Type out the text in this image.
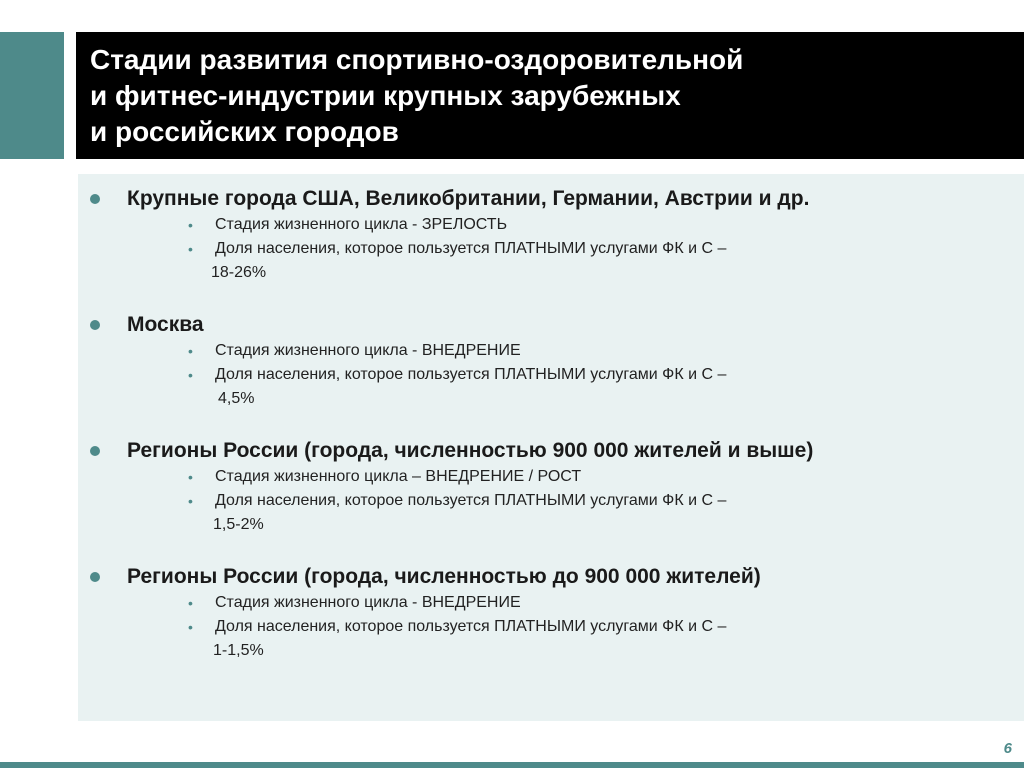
Стадии развития спортивно-оздоровительной
и фитнес-индустрии крупных зарубежных
и российских городов
Крупные города США, Великобритании, Германии, Австрии и др.
• Стадия жизненного цикла - ЗРЕЛОСТЬ
• Доля населения, которое пользуется ПЛАТНЫМИ услугами ФК и С –
18-26%
Москва
• Стадия жизненного цикла - ВНЕДРЕНИЕ
• Доля населения, которое пользуется ПЛАТНЫМИ услугами ФК и С –
4,5%
Регионы России (города, численностью 900 000 жителей и выше)
• Стадия жизненного цикла – ВНЕДРЕНИЕ / РОСТ
• Доля населения, которое пользуется ПЛАТНЫМИ услугами ФК и С –
1,5-2%
Регионы России (города, численностью до 900 000 жителей)
• Стадия жизненного цикла - ВНЕДРЕНИЕ
• Доля населения, которое пользуется ПЛАТНЫМИ услугами ФК и С –
1-1,5%
6
